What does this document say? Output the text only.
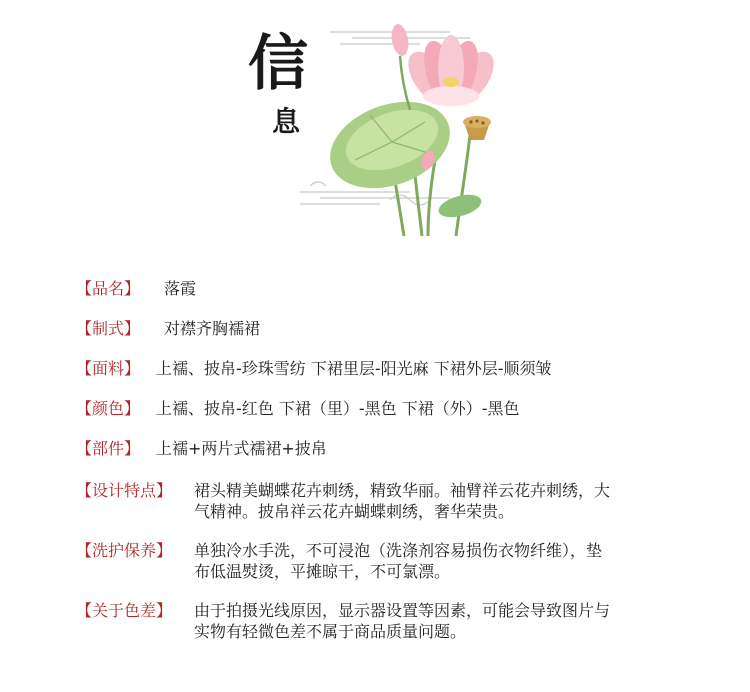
信
息
【品名】	落霞
【制式】	对襟齐胸襦裙
【面料】 上襦、披帛-珍珠雪纺 下裙里层-阳光麻 下裙外层-顺须皱
【颜色】 上襦、披帛-红色 下裙（里）-黑色 下裙（外）-黑色
【部件】 上襦+两片式襦裙+披帛
【设计特点】	裙头精美蝴蝶花卉刺绣，精致华丽。袖臂祥云花卉刺绣，大
气精神。披帛祥云花卉蝴蝶刺绣，奢华荣贵。
【洗护保养】	单独冷水手洗，不可浸泡（洗涤剂容易损伤衣物纤维），垫
布低温熨烫，平摊晾干，不可氯漂。
【关于色差】	由于拍摄光线原因，显示器设置等因素，可能会导致图片与
实物有轻微色差不属于商品质量问题。
